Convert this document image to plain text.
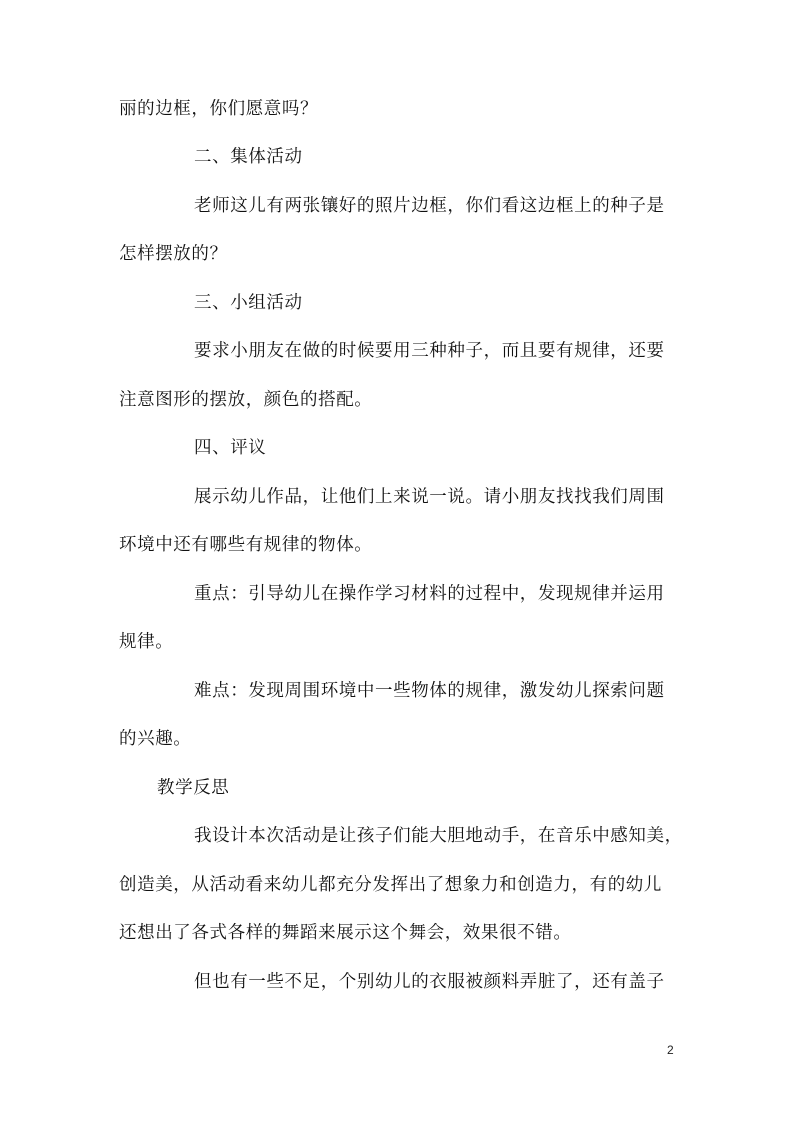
丽的边框，你们愿意吗？
二、集体活动
老师这儿有两张镶好的照片边框，你们看这边框上的种子是
怎样摆放的？
三、小组活动
要求小朋友在做的时候要用三种种子，而且要有规律，还要
注意图形的摆放，颜色的搭配。
四、评议
展示幼儿作品，让他们上来说一说。请小朋友找找我们周围
环境中还有哪些有规律的物体。
重点：引导幼儿在操作学习材料的过程中，发现规律并运用
规律。
难点：发现周围环境中一些物体的规律，激发幼儿探索问题
的兴趣。
教学反思
我设计本次活动是让孩子们能大胆地动手，在音乐中感知美，
创造美，从活动看来幼儿都充分发挥出了想象力和创造力，有的幼儿
还想出了各式各样的舞蹈来展示这个舞会，效果很不错。
但也有一些不足，个别幼儿的衣服被颜料弄脏了，还有盖子
2
